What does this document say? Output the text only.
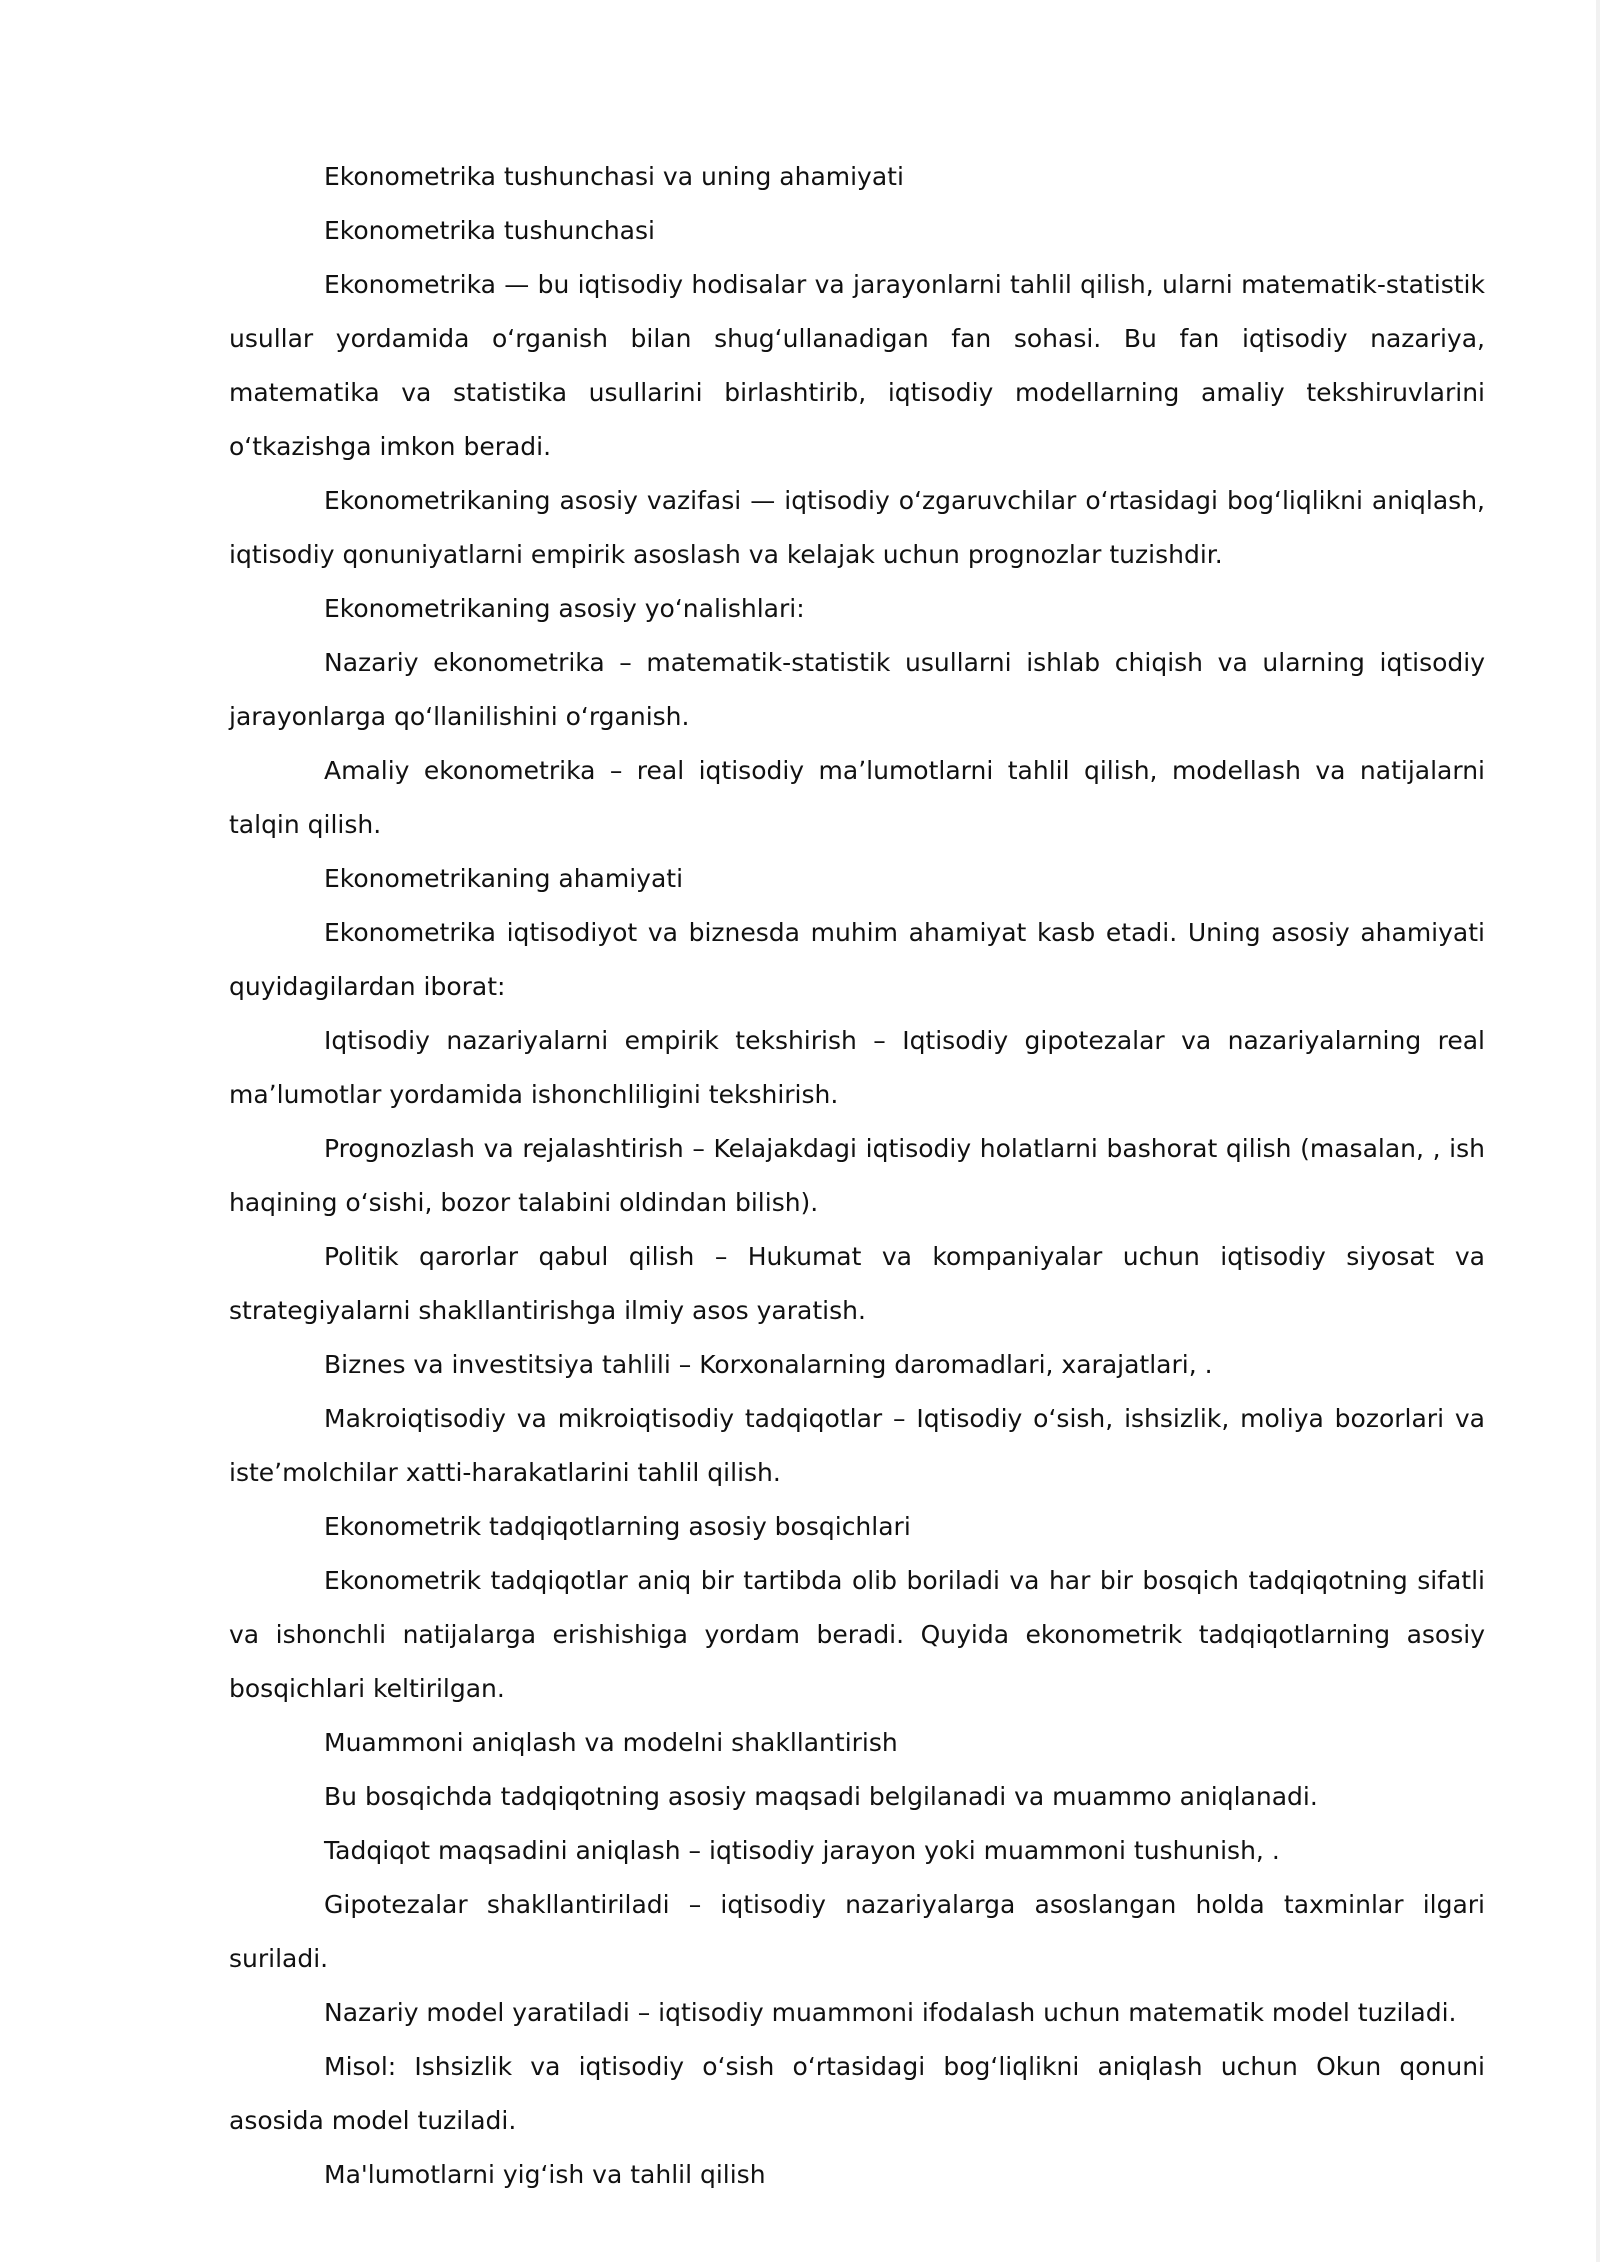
Ekonometrika tushunchasi va uning ahamiyati

Ekonometrika tushunchasi

Ekonometrika — bu iqtisodiy hodisalar va jarayonlarni tahlil qilish, ularni matematik-statistik usullar yordamida oʻrganish bilan shugʻullanadigan fan sohasi. Bu fan iqtisodiy nazariya, matematika va statistika usullarini birlashtirib, iqtisodiy modellarning amaliy tekshiruvlarini oʻtkazishga imkon beradi.

Ekonometrikaning asosiy vazifasi — iqtisodiy oʻzgaruvchilar oʻrtasidagi bogʻliqlikni aniqlash, iqtisodiy qonuniyatlarni empirik asoslash va kelajak uchun prognozlar tuzishdir.

Ekonometrikaning asosiy yoʻnalishlari:

Nazariy ekonometrika – matematik-statistik usullarni ishlab chiqish va ularning iqtisodiy jarayonlarga qoʻllanilishini oʻrganish.

Amaliy ekonometrika – real iqtisodiy maʼlumotlarni tahlil qilish, modellash va natijalarni talqin qilish.

Ekonometrikaning ahamiyati

Ekonometrika iqtisodiyot va biznesda muhim ahamiyat kasb etadi. Uning asosiy ahamiyati quyidagilardan iborat:

Iqtisodiy nazariyalarni empirik tekshirish – Iqtisodiy gipotezalar va nazariyalarning real maʼlumotlar yordamida ishonchliligini tekshirish.

Prognozlash va rejalashtirish – Kelajakdagi iqtisodiy holatlarni bashorat qilish (masalan, , ish haqining oʻsishi, bozor talabini oldindan bilish).

Politik qarorlar qabul qilish – Hukumat va kompaniyalar uchun iqtisodiy siyosat va strategiyalarni shakllantirishga ilmiy asos yaratish.

Biznes va investitsiya tahlili – Korxonalarning daromadlari, xarajatlari, .

Makroiqtisodiy va mikroiqtisodiy tadqiqotlar – Iqtisodiy oʻsish, ishsizlik, moliya bozorlari va isteʼmolchilar xatti-harakatlarini tahlil qilish.

Ekonometrik tadqiqotlarning asosiy bosqichlari

Ekonometrik tadqiqotlar aniq bir tartibda olib boriladi va har bir bosqich tadqiqotning sifatli va ishonchli natijalarga erishishiga yordam beradi. Quyida ekonometrik tadqiqotlarning asosiy bosqichlari keltirilgan.

Muammoni aniqlash va modelni shakllantirish

Bu bosqichda tadqiqotning asosiy maqsadi belgilanadi va muammo aniqlanadi.

Tadqiqot maqsadini aniqlash – iqtisodiy jarayon yoki muammoni tushunish, .

Gipotezalar shakllantiriladi – iqtisodiy nazariyalarga asoslangan holda taxminlar ilgari suriladi.

Nazariy model yaratiladi – iqtisodiy muammoni ifodalash uchun matematik model tuziladi.

Misol: Ishsizlik va iqtisodiy oʻsish oʻrtasidagi bogʻliqlikni aniqlash uchun Okun qonuni asosida model tuziladi.

Ma'lumotlarni yigʻish va tahlil qilish
